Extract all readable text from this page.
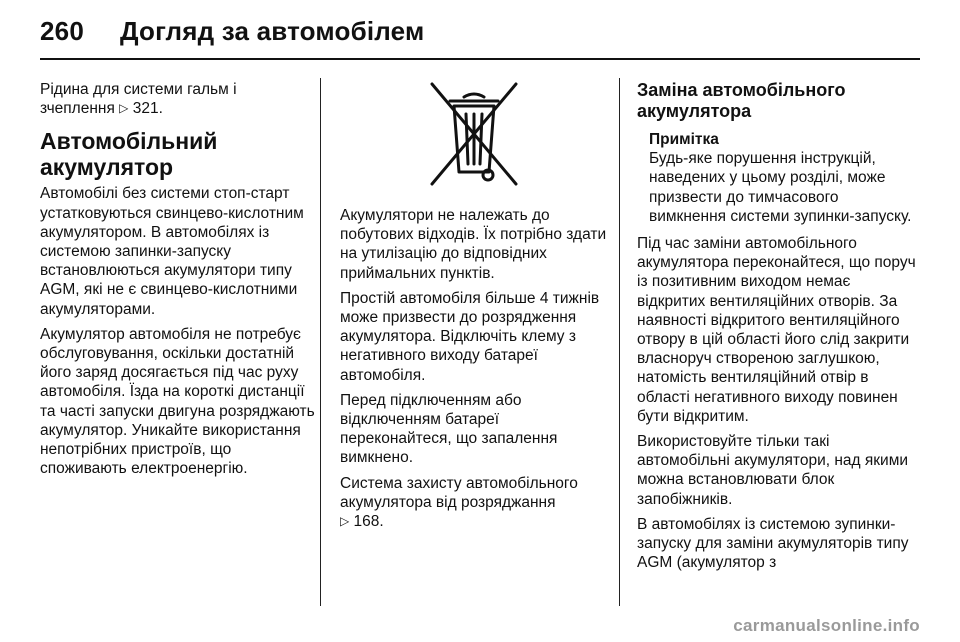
260 Догляд за автомобілем

Рідина для системи гальм і зчеплення ▷ 321.

Автомобільний акумулятор

Автомобілі без системи стоп-старт устатковуються свинцево-кислотним акумулятором. В автомобілях із системою запинки-запуску встановлюються акумулятори типу AGM, які не є свинцево-кислотними акумуляторами.

Акумулятор автомобіля не потребує обслуговування, оскільки достатній його заряд досягається під час руху автомобіля. Їзда на короткі дистанції та часті запуски двигуна розряджають акумулятор. Уникайте використання непотрібних пристроїв, що споживають електроенергію.

Акумулятори не належать до побутових відходів. Їх потрібно здати на утилізацію до відповідних приймальних пунктів.

Простій автомобіля більше 4 тижнів може призвести до розрядження акумулятора. Відключіть клему з негативного виходу батареї автомобіля.

Перед підключенням або відключенням батареї переконайтеся, що запалення вимкнено.

Система захисту автомобільного акумулятора від розряджання
▷ 168.

Заміна автомобільного акумулятора
Примітка
Будь-яке порушення інструкцій, наведених у цьому розділі, може призвести до тимчасового вимкнення системи зупинки-запуску.

Під час заміни автомобільного акумулятора переконайтеся, що поруч із позитивним виходом немає відкритих вентиляційних отворів. За наявності відкритого вентиляційного отвору в цій області його слід закрити власноруч створеною заглушкою, натомість вентиляційний отвір в області негативного виходу повинен бути відкритим.

Використовуйте тільки такі автомобільні акумулятори, над якими можна встановлювати блок запобіжників.

В автомобілях із системою зупинки-запуску для заміни акумуляторів типу AGM (акумулятор з

carmanualsonline.info
